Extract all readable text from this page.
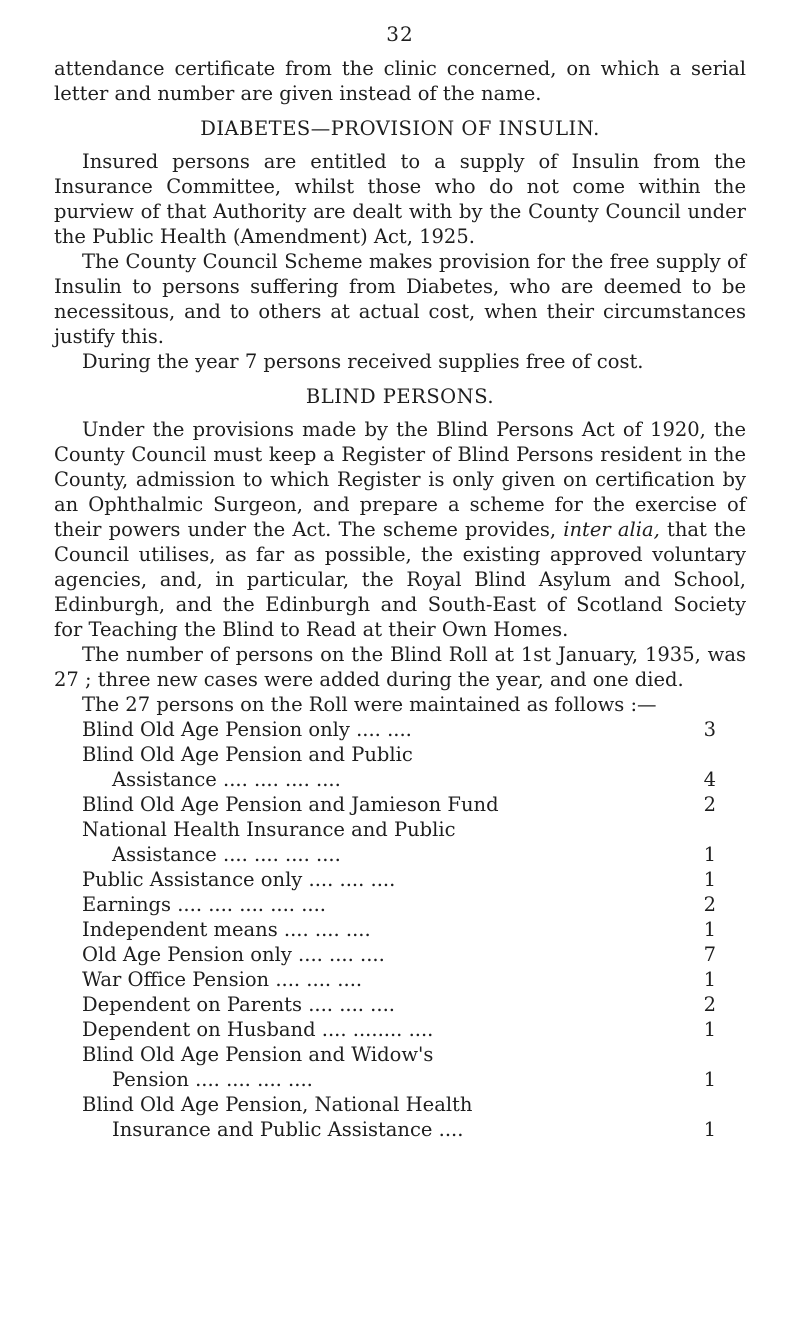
32

attendance certificate from the clinic concerned, on which a serial letter and number are given instead of the name.

DIABETES—PROVISION OF INSULIN.

Insured persons are entitled to a supply of Insulin from the Insurance Committee, whilst those who do not come within the purview of that Authority are dealt with by the County Council under the Public Health (Amendment) Act, 1925.

The County Council Scheme makes provision for the free supply of Insulin to persons suffering from Diabetes, who are deemed to be necessitous, and to others at actual cost, when their circumstances justify this.

During the year 7 persons received supplies free of cost.

BLIND PERSONS.

Under the provisions made by the Blind Persons Act of 1920, the County Council must keep a Register of Blind Persons resident in the County, admission to which Register is only given on certification by an Ophthalmic Surgeon, and prepare a scheme for the exercise of their powers under the Act. The scheme provides, inter alia, that the Council utilises, as far as possible, the existing approved voluntary agencies, and, in particular, the Royal Blind Asylum and School, Edinburgh, and the Edinburgh and South-East of Scotland Society for Teaching the Blind to Read at their Own Homes.

The number of persons on the Blind Roll at 1st January, 1935, was 27 ; three new cases were added during the year, and one died.

The 27 persons on the Roll were maintained as follows :—

Blind Old Age Pension only .... ....	3
Blind Old Age Pension and Public
Assistance .... .... .... ....	4
Blind Old Age Pension and Jamieson Fund	2
National Health Insurance and Public
Assistance .... .... .... ....	1
Public Assistance only .... .... ....	1
Earnings .... .... .... .... ....	2
Independent means .... .... ....	1
Old Age Pension only .... .... ....	7
War Office Pension .... .... ....	1
Dependent on Parents .... .... ....	2
Dependent on Husband .... ........ ....	1
Blind Old Age Pension and Widow's
Pension .... .... .... ....	1
Blind Old Age Pension, National Health
Insurance and Public Assistance ....	1
